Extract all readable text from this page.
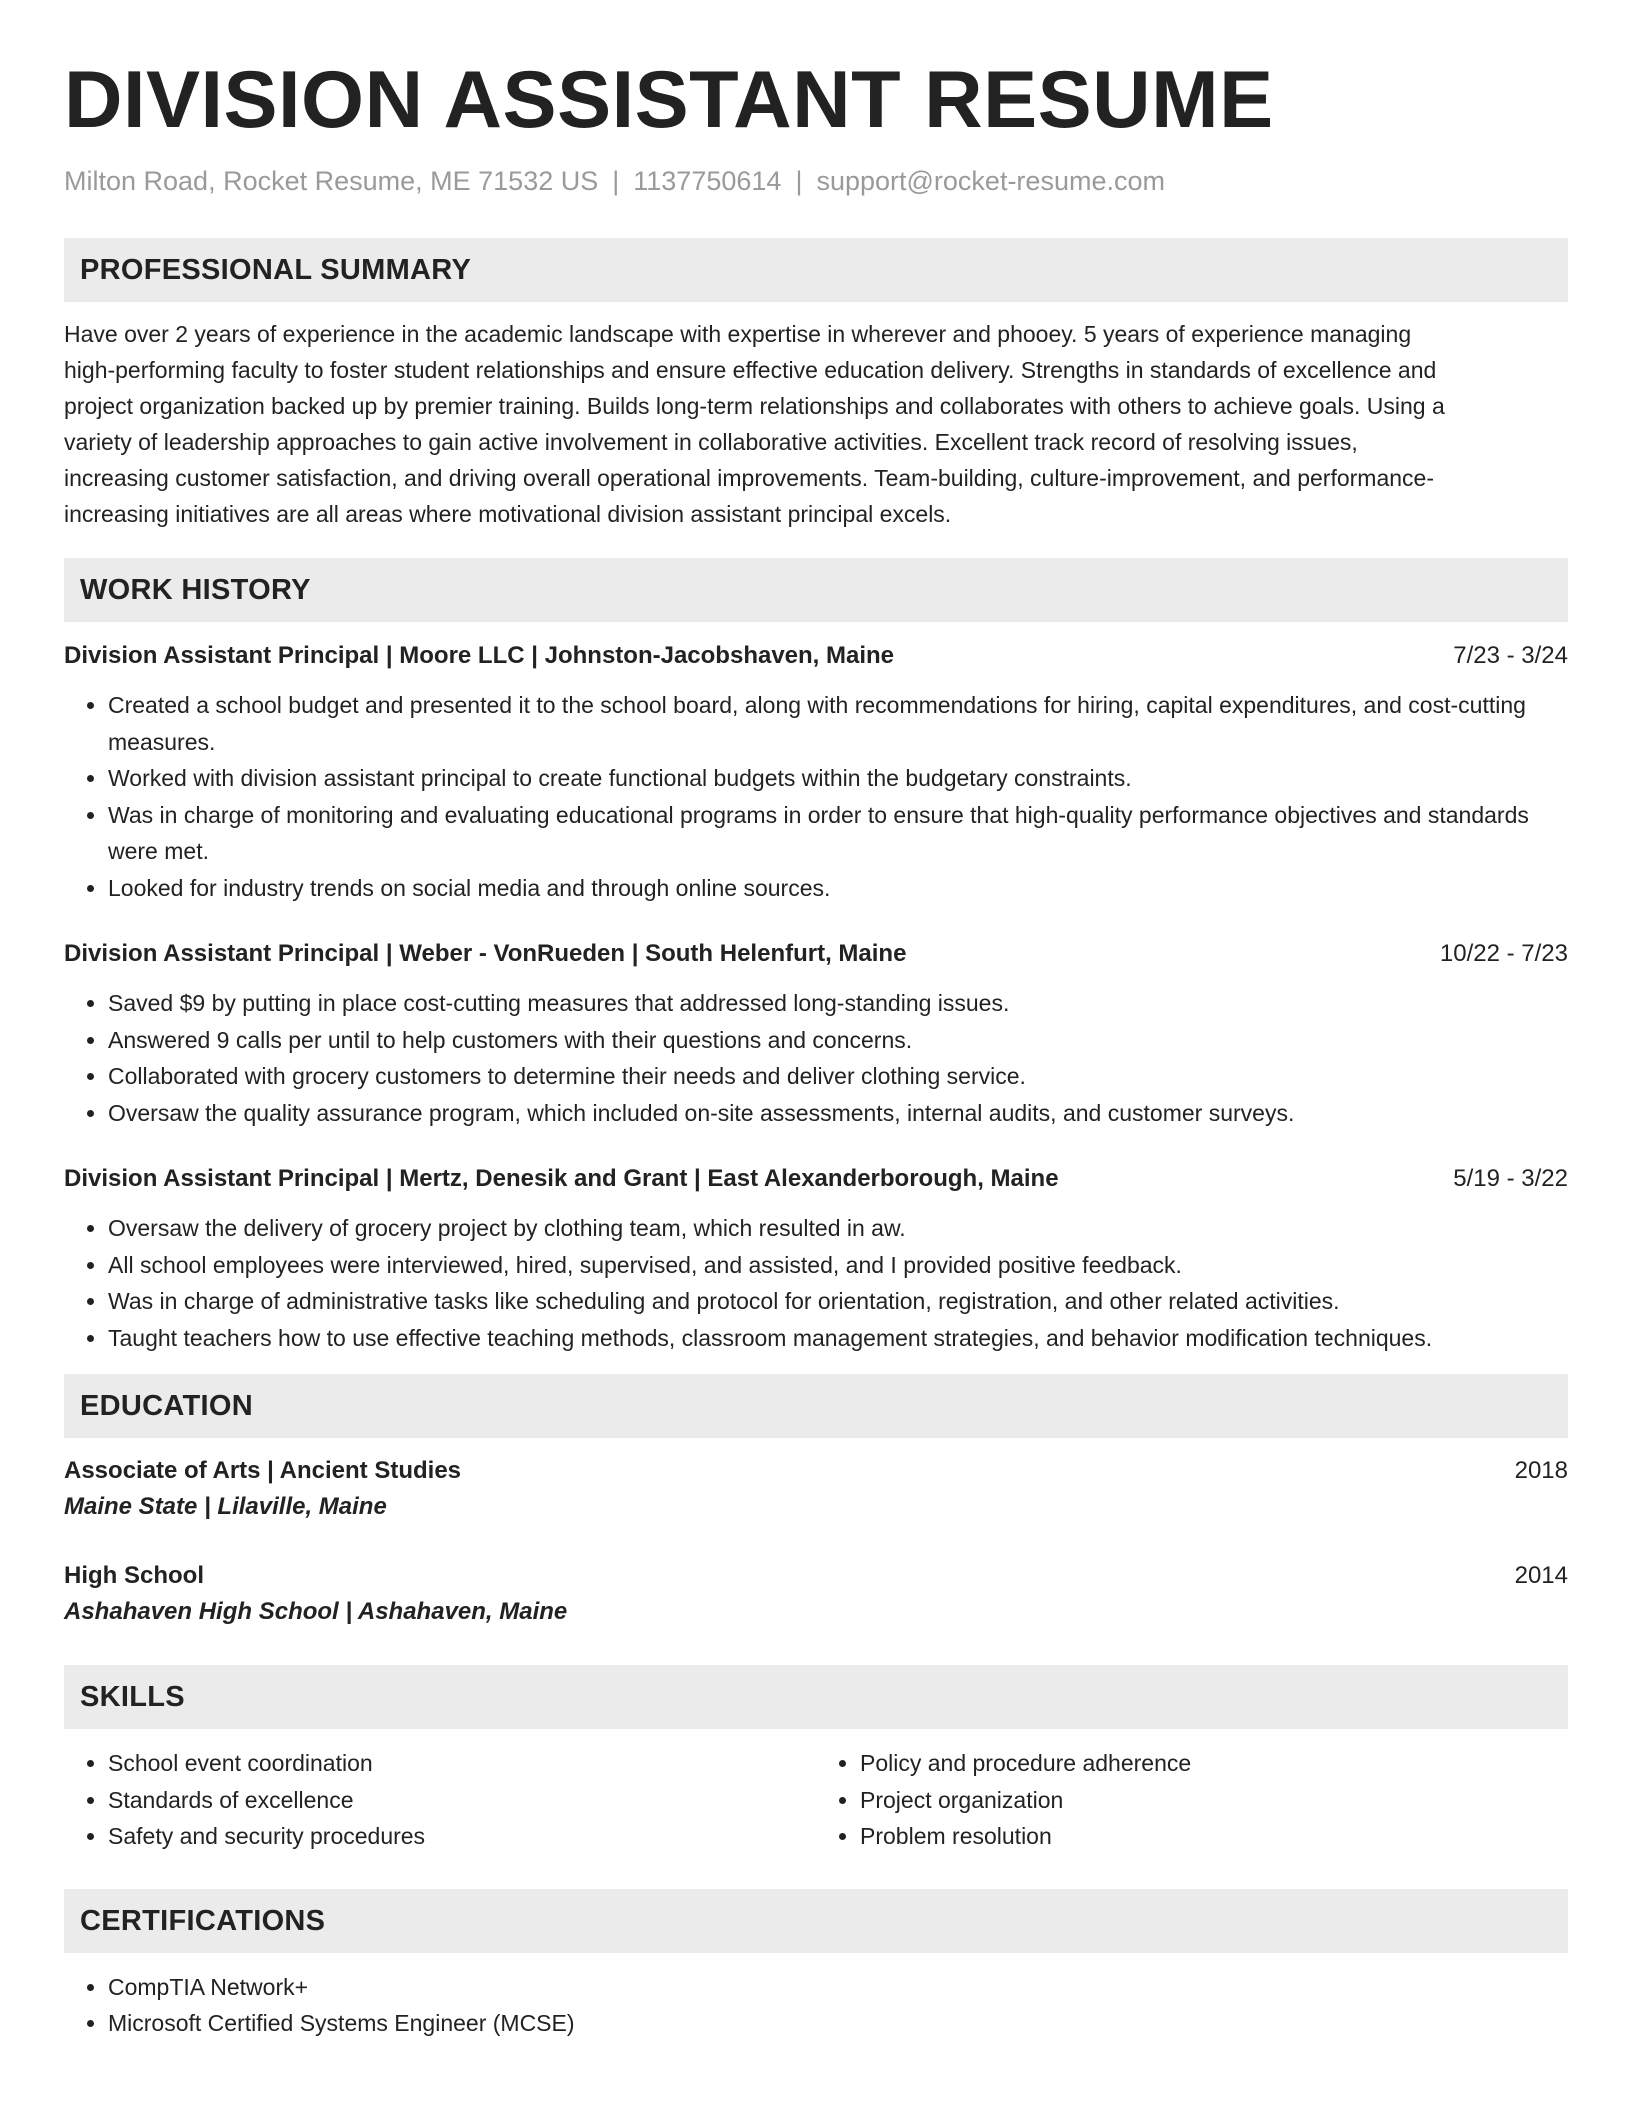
DIVISION ASSISTANT RESUME
Milton Road, Rocket Resume, ME 71532 US | 1137750614 | support@rocket-resume.com
PROFESSIONAL SUMMARY
Have over 2 years of experience in the academic landscape with expertise in wherever and phooey. 5 years of experience managing
high-performing faculty to foster student relationships and ensure effective education delivery. Strengths in standards of excellence and
project organization backed up by premier training. Builds long-term relationships and collaborates with others to achieve goals. Using a
variety of leadership approaches to gain active involvement in collaborative activities. Excellent track record of resolving issues,
increasing customer satisfaction, and driving overall operational improvements. Team-building, culture-improvement, and performance-
increasing initiatives are all areas where motivational division assistant principal excels.
WORK HISTORY
Division Assistant Principal | Moore LLC | Johnston-Jacobshaven, Maine	7/23 - 3/24
• Created a school budget and presented it to the school board, along with recommendations for hiring, capital expenditures, and cost-cutting measures.
• Worked with division assistant principal to create functional budgets within the budgetary constraints.
• Was in charge of monitoring and evaluating educational programs in order to ensure that high-quality performance objectives and standards were met.
• Looked for industry trends on social media and through online sources.
Division Assistant Principal | Weber - VonRueden | South Helenfurt, Maine	10/22 - 7/23
• Saved $9 by putting in place cost-cutting measures that addressed long-standing issues.
• Answered 9 calls per until to help customers with their questions and concerns.
• Collaborated with grocery customers to determine their needs and deliver clothing service.
• Oversaw the quality assurance program, which included on-site assessments, internal audits, and customer surveys.
Division Assistant Principal | Mertz, Denesik and Grant | East Alexanderborough, Maine	5/19 - 3/22
• Oversaw the delivery of grocery project by clothing team, which resulted in aw.
• All school employees were interviewed, hired, supervised, and assisted, and I provided positive feedback.
• Was in charge of administrative tasks like scheduling and protocol for orientation, registration, and other related activities.
• Taught teachers how to use effective teaching methods, classroom management strategies, and behavior modification techniques.
EDUCATION
Associate of Arts | Ancient Studies	2018
Maine State | Lilaville, Maine
High School	2014
Ashahaven High School | Ashahaven, Maine
SKILLS
• School event coordination
• Standards of excellence
• Safety and security procedures
• Policy and procedure adherence
• Project organization
• Problem resolution
CERTIFICATIONS
• CompTIA Network+
• Microsoft Certified Systems Engineer (MCSE)
